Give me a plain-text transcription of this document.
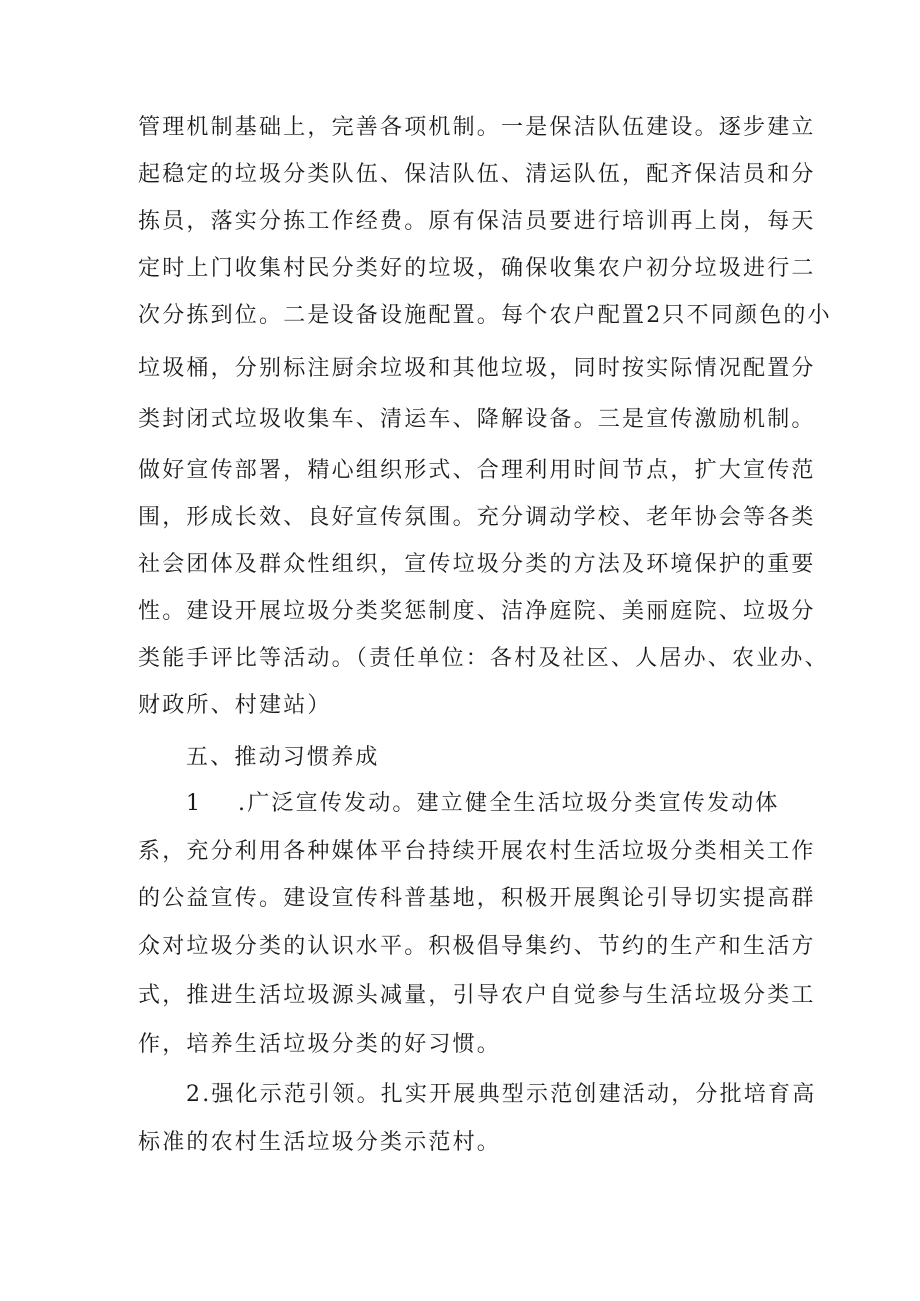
管理机制基础上，完善各项机制。一是保洁队伍建设。逐步建立
起稳定的垃圾分类队伍、保洁队伍、清运队伍，配齐保洁员和分
拣员，落实分拣工作经费。原有保洁员要进行培训再上岗，每天
定时上门收集村民分类好的垃圾，确保收集农户初分垃圾进行二
次分拣到位。二是设备设施配置。每个农户配置2只不同颜色的小
垃圾桶，分别标注厨余垃圾和其他垃圾，同时按实际情况配置分
类封闭式垃圾收集车、清运车、降解设备。三是宣传激励机制。
做好宣传部署，精心组织形式、合理利用时间节点，扩大宣传范
围，形成长效、良好宣传氛围。充分调动学校、老年协会等各类
社会团体及群众性组织，宣传垃圾分类的方法及环境保护的重要
性。建设开展垃圾分类奖惩制度、洁净庭院、美丽庭院、垃圾分
类能手评比等活动。（责任单位：各村及社区、人居办、农业办、
财政所、村建站）
五、推动习惯养成
1 .广泛宣传发动。建立健全生活垃圾分类宣传发动体
系，充分利用各种媒体平台持续开展农村生活垃圾分类相关工作
的公益宣传。建设宣传科普基地，积极开展舆论引导切实提高群
众对垃圾分类的认识水平。积极倡导集约、节约的生产和生活方
式，推进生活垃圾源头减量，引导农户自觉参与生活垃圾分类工
作，培养生活垃圾分类的好习惯。
2.强化示范引领。扎实开展典型示范创建活动，分批培育高
标准的农村生活垃圾分类示范村。
